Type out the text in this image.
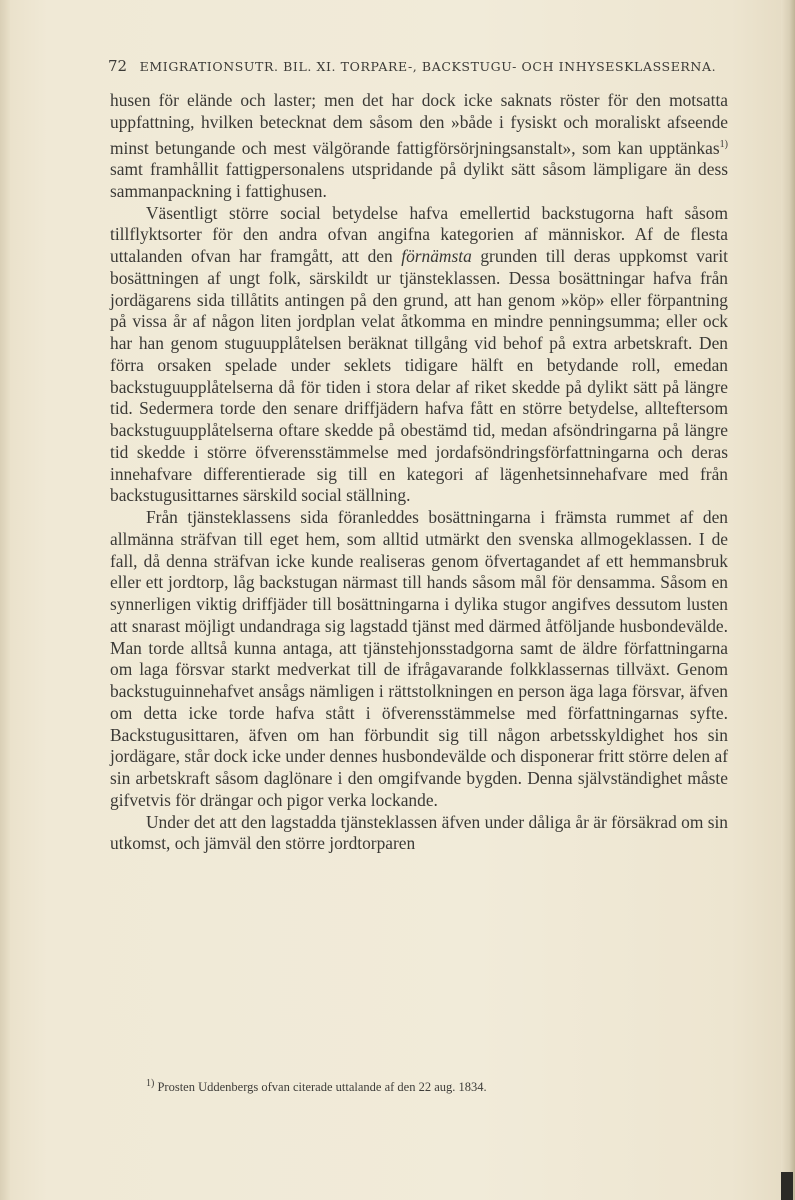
72 EMIGRATIONSUTR. BIL. XI. TORPARE-, BACKSTUGU- OCH INHYSESKLASSERNA.

husen för elände och laster; men det har dock icke saknats röster för den motsatta uppfattning, hvilken betecknat dem såsom den »både i fysiskt och moraliskt afseende minst betungande och mest välgörande fattigförsörjningsanstalt», som kan upptänkas$^{1)}$ samt framhållit fattigpersonalens utspridande på dylikt sätt såsom lämpligare än dess sammanpackning i fattighusen.

Väsentligt större social betydelse hafva emellertid backstugorna haft såsom tillflyktsorter för den andra ofvan angifna kategorien af människor. Af de flesta uttalanden ofvan har framgått, att den förnämsta grunden till deras uppkomst varit bosättningen af ungt folk, särskildt ur tjänsteklassen. Dessa bosättningar hafva från jordägarens sida tillåtits antingen på den grund, att han genom »köp» eller förpantning på vissa år af någon liten jordplan velat åtkomma en mindre penningsumma; eller ock har han genom stuguupplåtelsen beräknat tillgång vid behof på extra arbetskraft. Den förra orsaken spelade under seklets tidigare hälft en betydande roll, emedan backstuguupplåtelserna då för tiden i stora delar af riket skedde på dylikt sätt på längre tid. Sedermera torde den senare driffjädern hafva fått en större betydelse, allteftersom backstuguupplåtelserna oftare skedde på obestämd tid, medan afsöndringarna på längre tid skedde i större öfverensstämmelse med jordafsöndringsförfattningarna och deras innehafvare differentierade sig till en kategori af lägenhetsinnehafvare med från backstugusittarnes särskild social ställning.

Från tjänsteklassens sida föranleddes bosättningarna i främsta rummet af den allmänna sträfvan till eget hem, som alltid utmärkt den svenska allmogeklassen. I de fall, då denna sträfvan icke kunde realiseras genom öfvertagandet af ett hemmansbruk eller ett jordtorp, låg backstugan närmast till hands såsom mål för densamma. Såsom en synnerligen viktig driffjäder till bosättningarna i dylika stugor angifves dessutom lusten att snarast möjligt undandraga sig lagstadd tjänst med därmed åtföljande husbondevälde. Man torde alltså kunna antaga, att tjänstehjonsstadgorna samt de äldre författningarna om laga försvar starkt medverkat till de ifrågavarande folkklassernas tillväxt. Genom backstuguinnehafvet ansågs nämligen i rättstolkningen en person äga laga försvar, äfven om detta icke torde hafva stått i öfverensstämmelse med författningarnas syfte. Backstugusittaren, äfven om han förbundit sig till någon arbetsskyldighet hos sin jordägare, står dock icke under dennes husbondevälde och disponerar fritt större delen af sin arbetskraft såsom daglönare i den omgifvande bygden. Denna självständighet måste gifvetvis för drängar och pigor verka lockande.

Under det att den lagstadda tjänsteklassen äfven under dåliga år är försäkrad om sin utkomst, och jämväl den större jordtorparen

$^{1)}$ Prosten Uddenbergs ofvan citerade uttalande af den 22 aug. 1834.
